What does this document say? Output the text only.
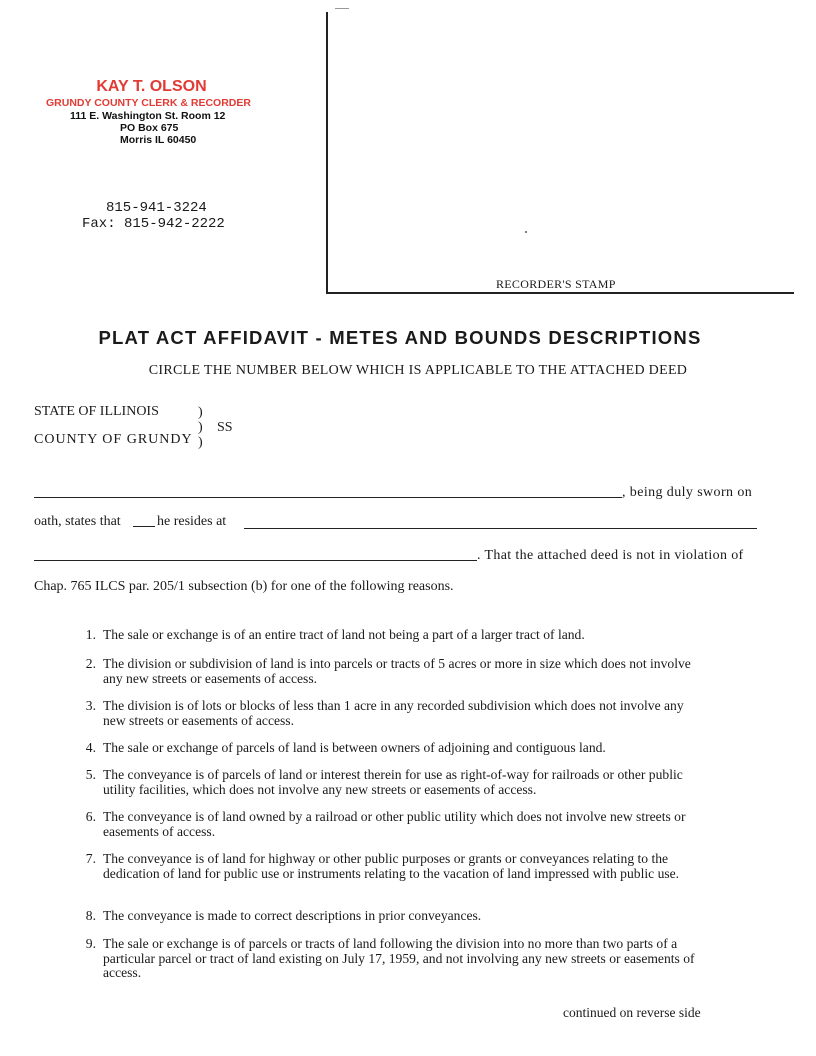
KAY T. OLSON
GRUNDY COUNTY CLERK & RECORDER
111 E. Washington St. Room 12
PO Box 675
Morris IL 60450
815-941-3224
Fax: 815-942-2222
RECORDER'S STAMP
PLAT ACT AFFIDAVIT - METES AND BOUNDS DESCRIPTIONS
CIRCLE THE NUMBER BELOW WHICH IS APPLICABLE TO THE ATTACHED DEED
STATE OF ILLINOIS
COUNTY OF GRUNDY
)
)
)
SS
, being duly sworn on
oath, states that	he resides at
. That the attached deed is not in violation of
Chap. 765 ILCS par. 205/1 subsection (b) for one of the following reasons.
1. The sale or exchange is of an entire tract of land not being a part of a larger tract of land.
2. The division or subdivision of land is into parcels or tracts of 5 acres or more in size which does not involve any new streets or easements of access.
3. The division is of lots or blocks of less than 1 acre in any recorded subdivision which does not involve any new streets or easements of access.
4. The sale or exchange of parcels of land is between owners of adjoining and contiguous land.
5. The conveyance is of parcels of land or interest therein for use as right-of-way for railroads or other public utility facilities, which does not involve any new streets or easements of access.
6. The conveyance is of land owned by a railroad or other public utility which does not involve new streets or easements of access.
7. The conveyance is of land for highway or other public purposes or grants or conveyances relating to the dedication of land for public use or instruments relating to the vacation of land impressed with public use.
8. The conveyance is made to correct descriptions in prior conveyances.
9. The sale or exchange is of parcels or tracts of land following the division into no more than two parts of a particular parcel or tract of land existing on July 17, 1959, and not involving any new streets or easements of access.
continued on reverse side
